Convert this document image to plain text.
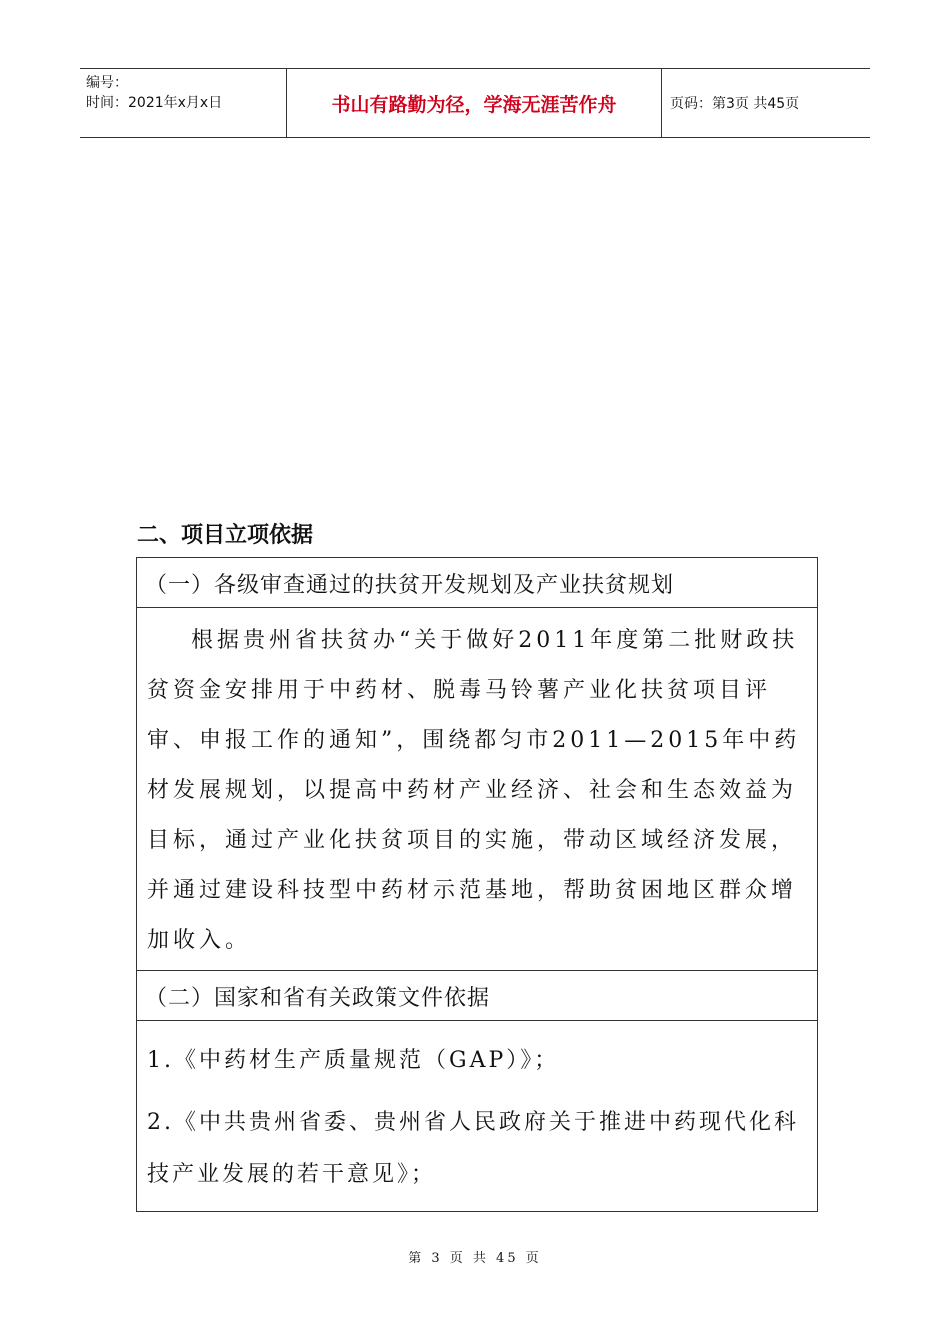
编号：
时间：2021年x月x日	书山有路勤为径，学海无涯苦作舟	页码：第3页 共45页
二、项目立项依据
（一）各级审查通过的扶贫开发规划及产业扶贫规划
根据贵州省扶贫办“关于做好2011年度第二批财政扶贫资金安排用于中药材、脱毒马铃薯产业化扶贫项目评审、申报工作的通知”，围绕都匀市2011—2015年中药材发展规划，以提高中药材产业经济、社会和生态效益为目标，通过产业化扶贫项目的实施，带动区域经济发展，并通过建设科技型中药材示范基地，帮助贫困地区群众增加收入。
（二）国家和省有关政策文件依据
1.《中药材生产质量规范（GAP）》；
2.《中共贵州省委、贵州省人民政府关于推进中药现代化科技产业发展的若干意见》；
第 3 页 共 45 页
